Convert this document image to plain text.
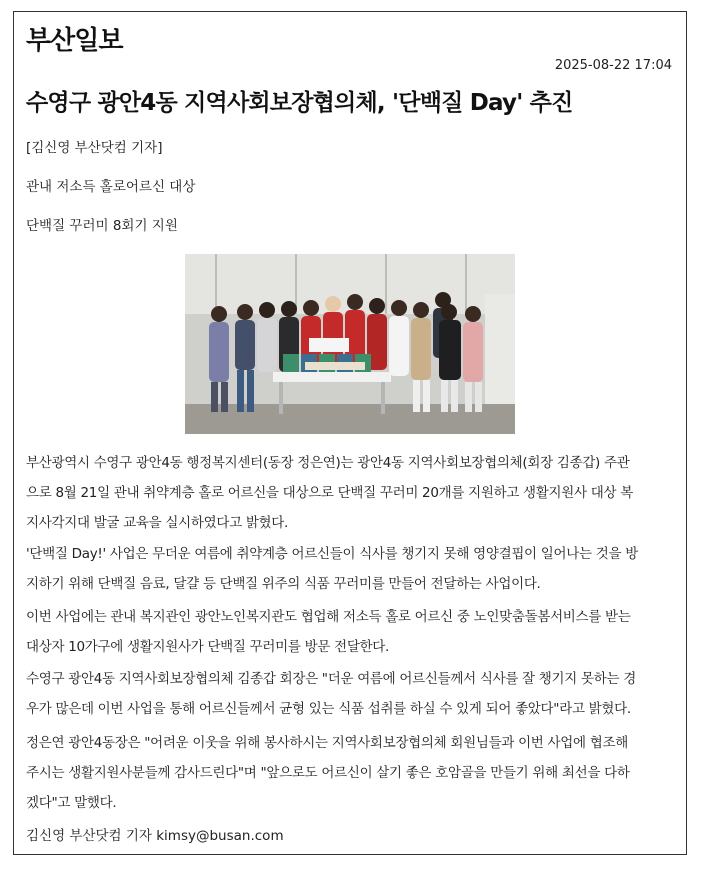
부산일보
2025-08-22 17:04
수영구 광안4동 지역사회보장협의체, '단백질 Day' 추진
[김신영 부산닷컴 기자]
관내 저소득 홀로어르신 대상
단백질 꾸러미 8회기 지원
부산광역시 수영구 광안4동 행정복지센터(동장 정은연)는 광안4동 지역사회보장협의체(회장 김종갑) 주관
으로 8월 21일 관내 취약계층 홀로 어르신을 대상으로 단백질 꾸러미 20개를 지원하고 생활지원사 대상 복
지사각지대 발굴 교육을 실시하였다고 밝혔다.
'단백질 Day!' 사업은 무더운 여름에 취약계층 어르신들이 식사를 챙기지 못해 영양결핍이 일어나는 것을 방
지하기 위해 단백질 음료, 달걀 등 단백질 위주의 식품 꾸러미를 만들어 전달하는 사업이다.
이번 사업에는 관내 복지관인 광안노인복지관도 협업해 저소득 홀로 어르신 중 노인맞춤돌봄서비스를 받는
대상자 10가구에 생활지원사가 단백질 꾸러미를 방문 전달한다.
수영구 광안4동 지역사회보장협의체 김종갑 회장은 "더운 여름에 어르신들께서 식사를 잘 챙기지 못하는 경
우가 많은데 이번 사업을 통해 어르신들께서 균형 있는 식품 섭취를 하실 수 있게 되어 좋았다"라고 밝혔다.
정은연 광안4동장은 "어려운 이웃을 위해 봉사하시는 지역사회보장협의체 회원님들과 이번 사업에 협조해
주시는 생활지원사분들께 감사드린다"며 "앞으로도 어르신이 살기 좋은 호암골을 만들기 위해 최선을 다하
겠다"고 말했다.
김신영 부산닷컴 기자 kimsy@busan.com
